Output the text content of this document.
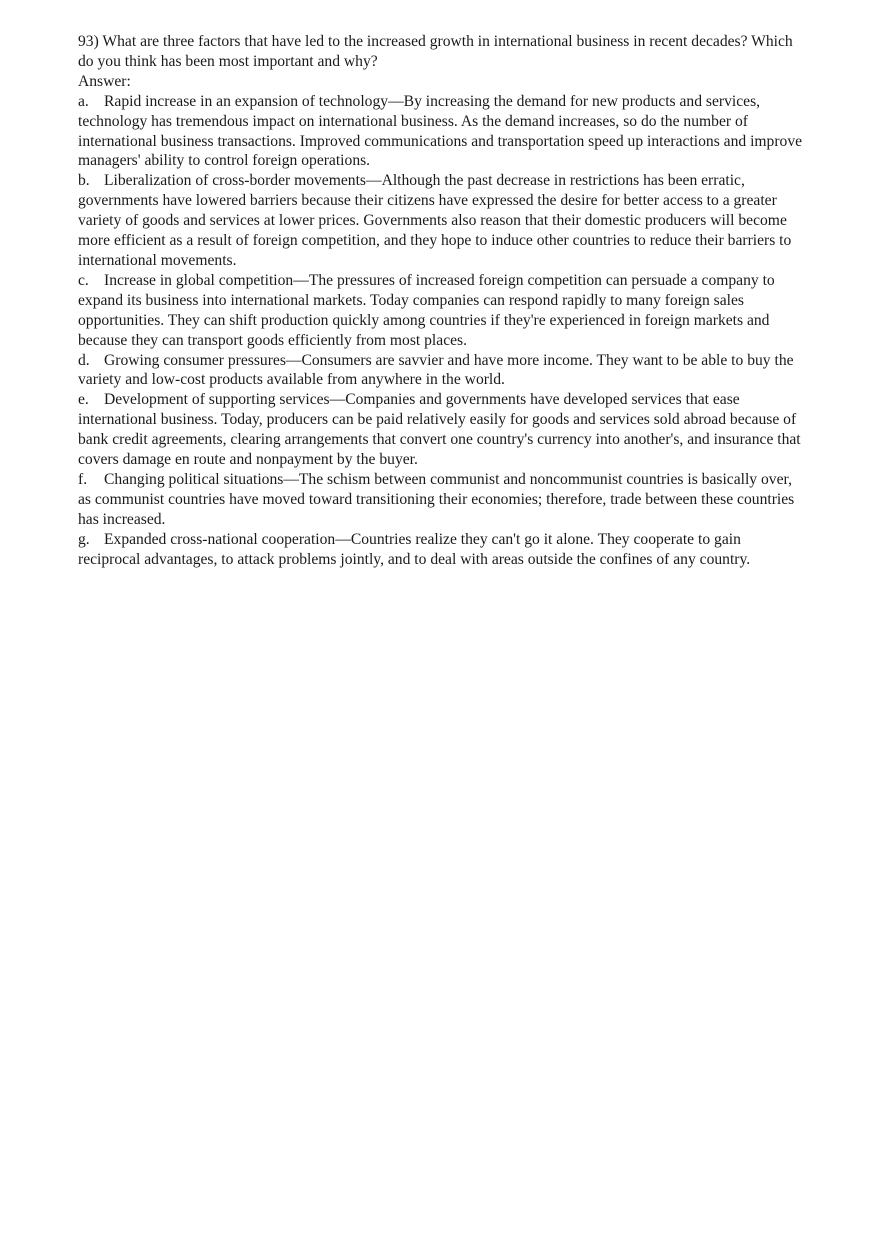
93) What are three factors that have led to the increased growth in international business in recent decades? Which do you think has been most important and why?

Answer:

a. Rapid increase in an expansion of technology—By increasing the demand for new products and services, technology has tremendous impact on international business. As the demand increases, so do the number of international business transactions. Improved communications and transportation speed up interactions and improve managers' ability to control foreign operations.

b. Liberalization of cross-border movements—Although the past decrease in restrictions has been erratic, governments have lowered barriers because their citizens have expressed the desire for better access to a greater variety of goods and services at lower prices. Governments also reason that their domestic producers will become more efficient as a result of foreign competition, and they hope to induce other countries to reduce their barriers to international movements.

c. Increase in global competition—The pressures of increased foreign competition can persuade a company to expand its business into international markets. Today companies can respond rapidly to many foreign sales opportunities. They can shift production quickly among countries if they're experienced in foreign markets and because they can transport goods efficiently from most places.

d. Growing consumer pressures—Consumers are savvier and have more income. They want to be able to buy the variety and low-cost products available from anywhere in the world.

e. Development of supporting services—Companies and governments have developed services that ease international business. Today, producers can be paid relatively easily for goods and services sold abroad because of bank credit agreements, clearing arrangements that convert one country's currency into another's, and insurance that covers damage en route and nonpayment by the buyer.

f. Changing political situations—The schism between communist and noncommunist countries is basically over, as communist countries have moved toward transitioning their economies; therefore, trade between these countries has increased.

g. Expanded cross-national cooperation—Countries realize they can't go it alone. They cooperate to gain reciprocal advantages, to attack problems jointly, and to deal with areas outside the confines of any country.
